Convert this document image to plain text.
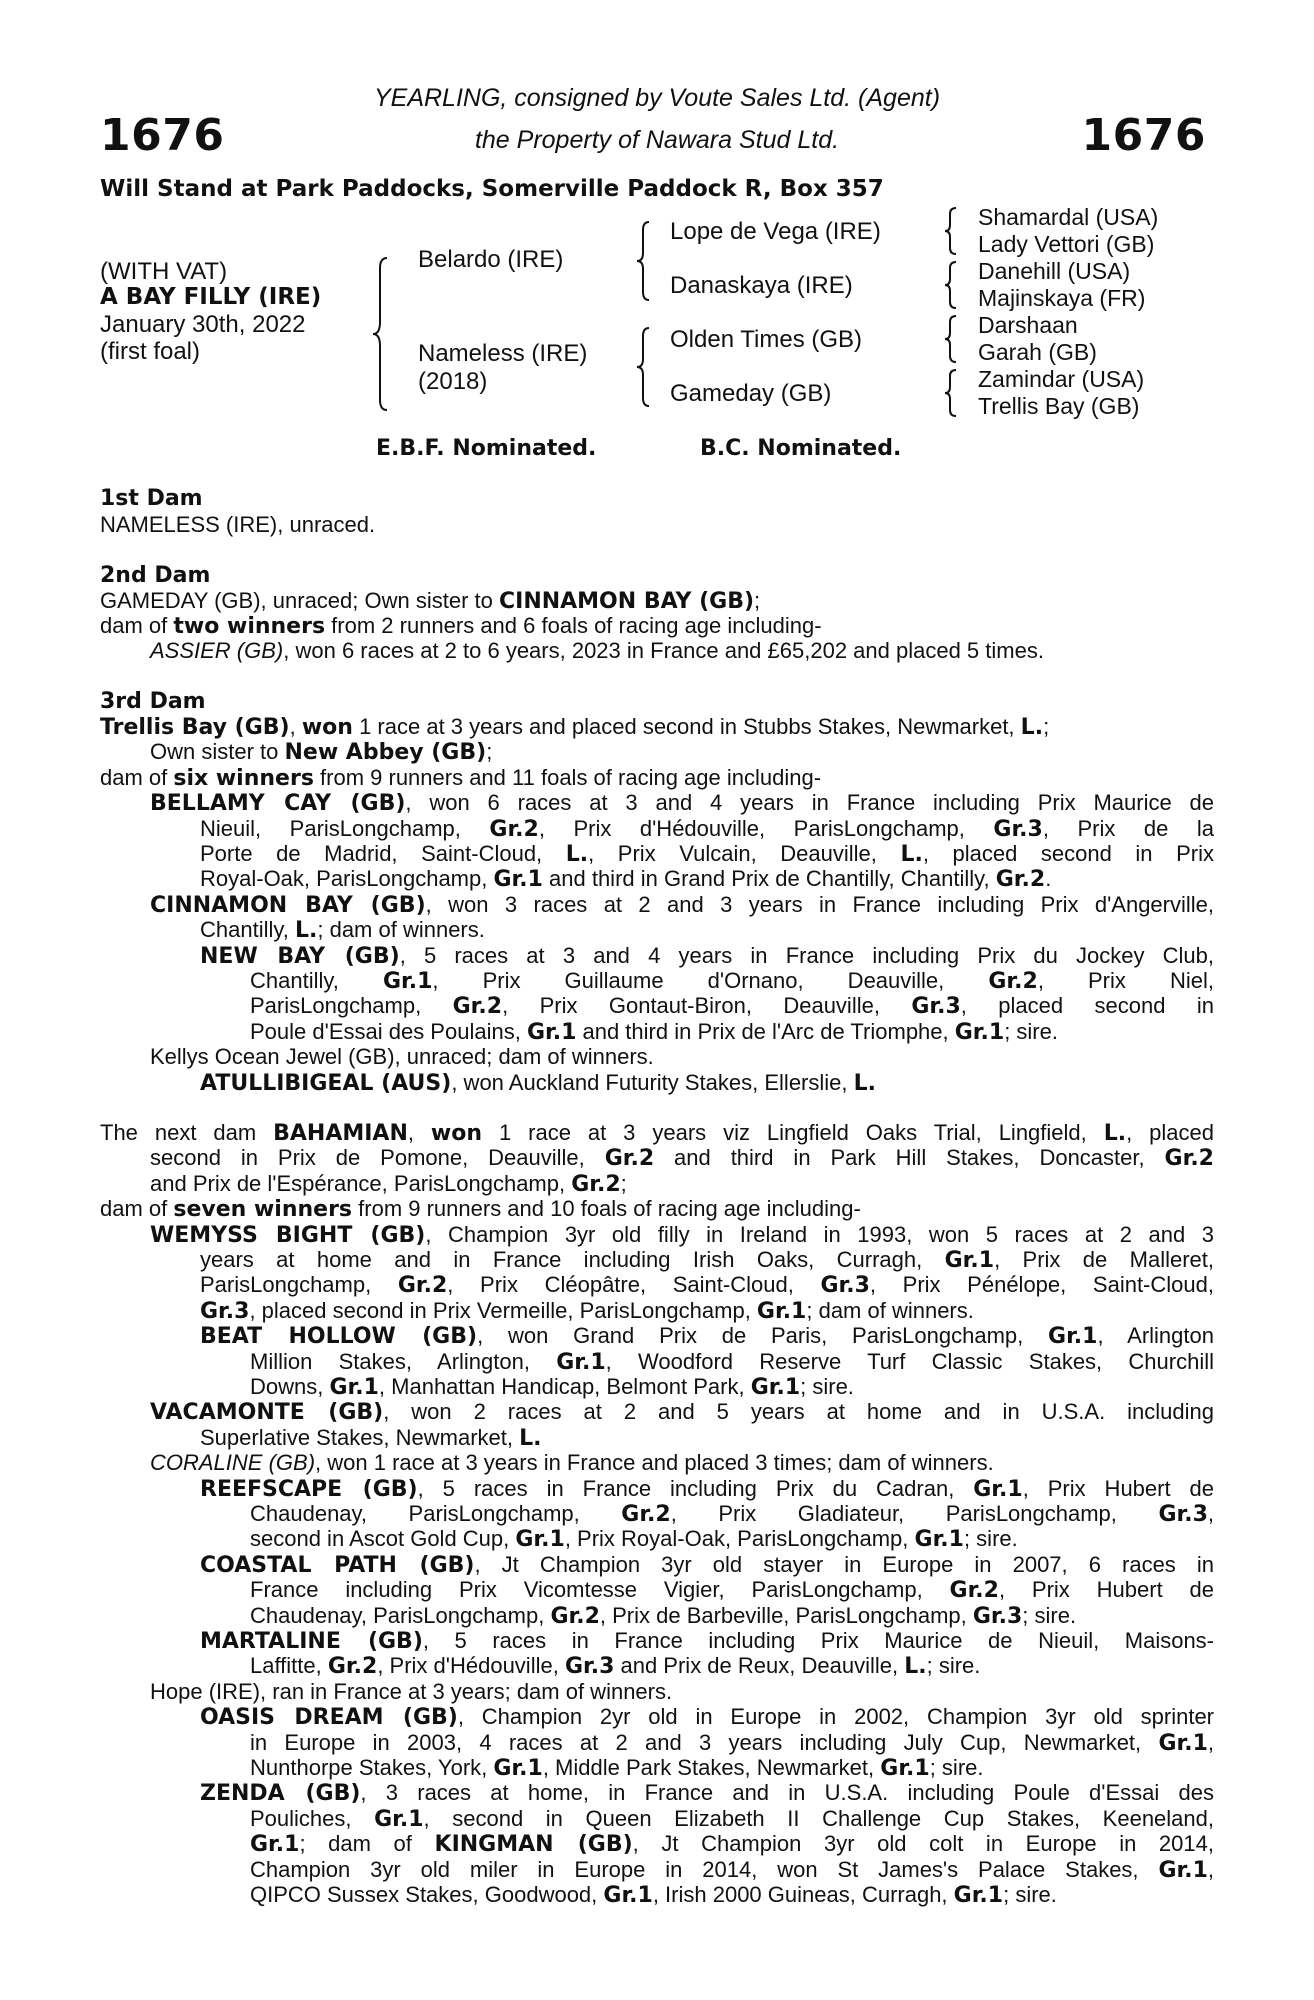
1676	1676
YEARLING, consigned by Voute Sales Ltd. (Agent)
the Property of Nawara Stud Ltd.
Will Stand at Park Paddocks, Somerville Paddock R, Box 357
(WITH VAT)
A BAY FILLY (IRE)
January 30th, 2022
(first foal)
Belardo (IRE)
Nameless (IRE)
(2018)
Lope de Vega (IRE)
Danaskaya (IRE)
Olden Times (GB)
Gameday (GB)
Shamardal (USA)
Lady Vettori (GB)
Danehill (USA)
Majinskaya (FR)
Darshaan
Garah (GB)
Zamindar (USA)
Trellis Bay (GB)
E.B.F. Nominated.	B.C. Nominated.
1st Dam
NAMELESS (IRE), unraced.
2nd Dam
GAMEDAY (GB), unraced; Own sister to CINNAMON BAY (GB);
dam of two winners from 2 runners and 6 foals of racing age including-
ASSIER (GB), won 6 races at 2 to 6 years, 2023 in France and £65,202 and placed 5 times.
3rd Dam
Trellis Bay (GB), won 1 race at 3 years and placed second in Stubbs Stakes, Newmarket, L.;
Own sister to New Abbey (GB);
dam of six winners from 9 runners and 11 foals of racing age including-
BELLAMY CAY (GB), won 6 races at 3 and 4 years in France including Prix Maurice de
Nieuil, ParisLongchamp, Gr.2, Prix d'Hédouville, ParisLongchamp, Gr.3, Prix de la
Porte de Madrid, Saint-Cloud, L., Prix Vulcain, Deauville, L., placed second in Prix
Royal-Oak, ParisLongchamp, Gr.1 and third in Grand Prix de Chantilly, Chantilly, Gr.2.
CINNAMON BAY (GB), won 3 races at 2 and 3 years in France including Prix d'Angerville,
Chantilly, L.; dam of winners.
NEW BAY (GB), 5 races at 3 and 4 years in France including Prix du Jockey Club,
Chantilly, Gr.1, Prix Guillaume d'Ornano, Deauville, Gr.2, Prix Niel,
ParisLongchamp, Gr.2, Prix Gontaut-Biron, Deauville, Gr.3, placed second in
Poule d'Essai des Poulains, Gr.1 and third in Prix de l'Arc de Triomphe, Gr.1; sire.
Kellys Ocean Jewel (GB), unraced; dam of winners.
ATULLIBIGEAL (AUS), won Auckland Futurity Stakes, Ellerslie, L.
The next dam BAHAMIAN, won 1 race at 3 years viz Lingfield Oaks Trial, Lingfield, L., placed
second in Prix de Pomone, Deauville, Gr.2 and third in Park Hill Stakes, Doncaster, Gr.2
and Prix de l'Espérance, ParisLongchamp, Gr.2;
dam of seven winners from 9 runners and 10 foals of racing age including-
WEMYSS BIGHT (GB), Champion 3yr old filly in Ireland in 1993, won 5 races at 2 and 3
years at home and in France including Irish Oaks, Curragh, Gr.1, Prix de Malleret,
ParisLongchamp, Gr.2, Prix Cléopâtre, Saint-Cloud, Gr.3, Prix Pénélope, Saint-Cloud,
Gr.3, placed second in Prix Vermeille, ParisLongchamp, Gr.1; dam of winners.
BEAT HOLLOW (GB), won Grand Prix de Paris, ParisLongchamp, Gr.1, Arlington
Million Stakes, Arlington, Gr.1, Woodford Reserve Turf Classic Stakes, Churchill
Downs, Gr.1, Manhattan Handicap, Belmont Park, Gr.1; sire.
VACAMONTE (GB), won 2 races at 2 and 5 years at home and in U.S.A. including
Superlative Stakes, Newmarket, L.
CORALINE (GB), won 1 race at 3 years in France and placed 3 times; dam of winners.
REEFSCAPE (GB), 5 races in France including Prix du Cadran, Gr.1, Prix Hubert de
Chaudenay, ParisLongchamp, Gr.2, Prix Gladiateur, ParisLongchamp, Gr.3,
second in Ascot Gold Cup, Gr.1, Prix Royal-Oak, ParisLongchamp, Gr.1; sire.
COASTAL PATH (GB), Jt Champion 3yr old stayer in Europe in 2007, 6 races in
France including Prix Vicomtesse Vigier, ParisLongchamp, Gr.2, Prix Hubert de
Chaudenay, ParisLongchamp, Gr.2, Prix de Barbeville, ParisLongchamp, Gr.3; sire.
MARTALINE (GB), 5 races in France including Prix Maurice de Nieuil, Maisons-
Laffitte, Gr.2, Prix d'Hédouville, Gr.3 and Prix de Reux, Deauville, L.; sire.
Hope (IRE), ran in France at 3 years; dam of winners.
OASIS DREAM (GB), Champion 2yr old in Europe in 2002, Champion 3yr old sprinter
in Europe in 2003, 4 races at 2 and 3 years including July Cup, Newmarket, Gr.1,
Nunthorpe Stakes, York, Gr.1, Middle Park Stakes, Newmarket, Gr.1; sire.
ZENDA (GB), 3 races at home, in France and in U.S.A. including Poule d'Essai des
Pouliches, Gr.1, second in Queen Elizabeth II Challenge Cup Stakes, Keeneland,
Gr.1; dam of KINGMAN (GB), Jt Champion 3yr old colt in Europe in 2014,
Champion 3yr old miler in Europe in 2014, won St James's Palace Stakes, Gr.1,
QIPCO Sussex Stakes, Goodwood, Gr.1, Irish 2000 Guineas, Curragh, Gr.1; sire.
